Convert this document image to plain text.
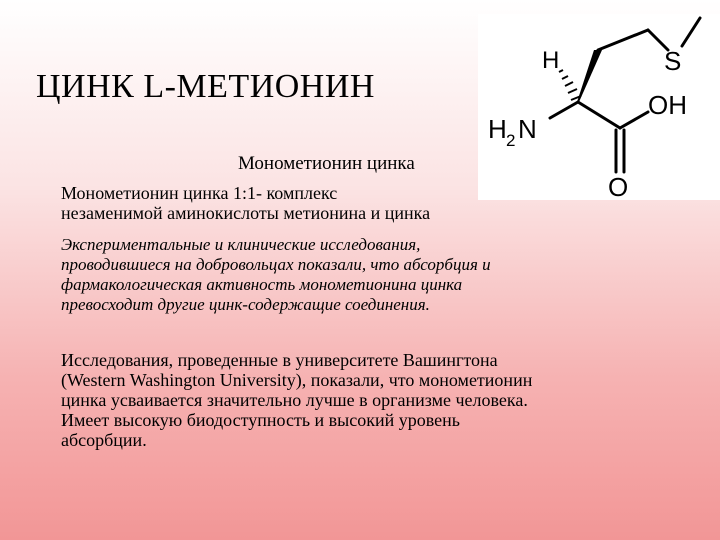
ЦИНК L-МЕТИОНИН
S
H
OH
H 2 N
O
Монометионин цинка
Монометионин цинка 1:1- комплекс
незаменимой аминокислоты метионина и цинка
Экспериментальные и клинические исследования,
проводившиеся на добровольцах показали, что абсорбция и
фармакологическая активность монометионина цинка
превосходит другие цинк-содержащие соединения.
Исследования, проведенные в университете Вашингтона
(Western Washington University), показали, что монометионин
цинка усваивается значительно лучше в организме человека.
Имеет высокую биодоступность и высокий уровень
абсорбции.
